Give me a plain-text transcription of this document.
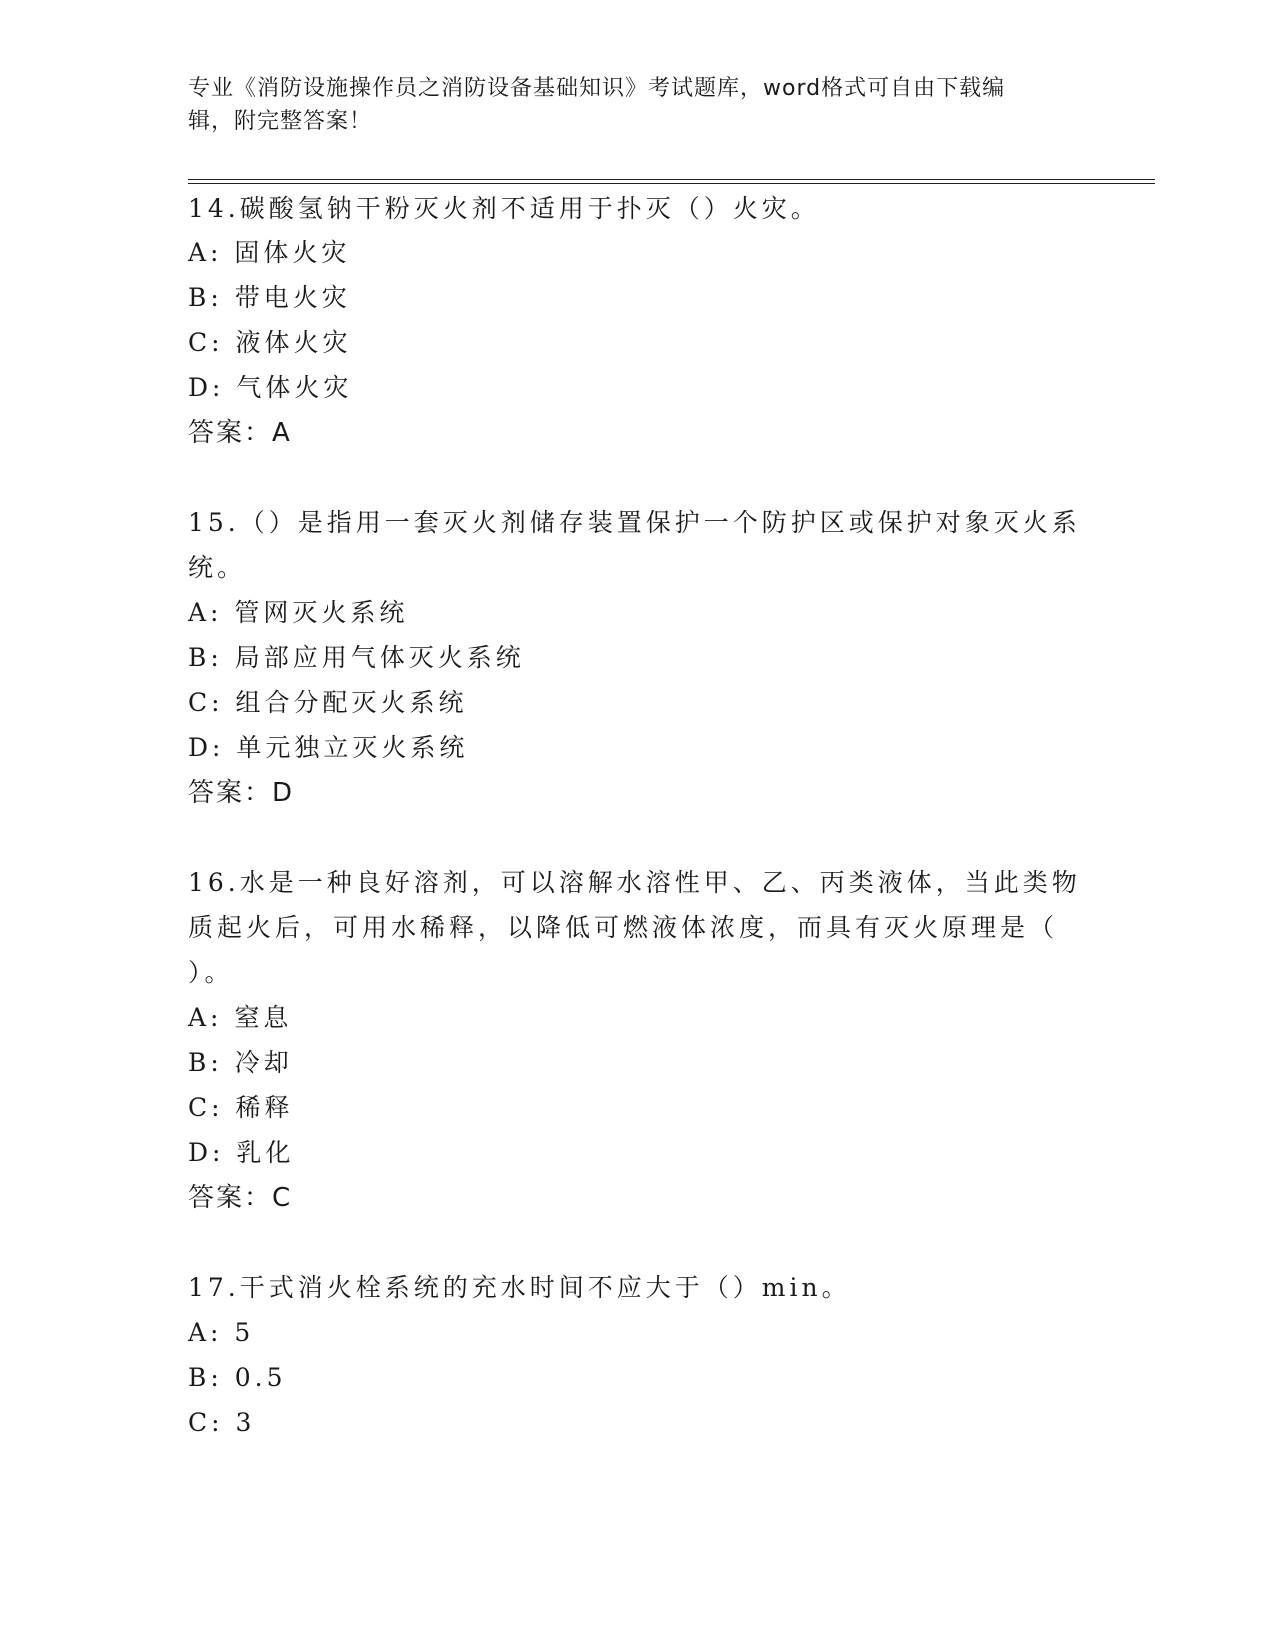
专业《消防设施操作员之消防设备基础知识》考试题库，word格式可自由下载编
辑，附完整答案！
14.碳酸氢钠干粉灭火剂不适用于扑灭（）火灾。
A: 固体火灾
B: 带电火灾
C: 液体火灾
D: 气体火灾
答案：A
15.（）是指用一套灭火剂储存装置保护一个防护区或保护对象灭火系
统。
A: 管网灭火系统
B: 局部应用气体灭火系统
C: 组合分配灭火系统
D: 单元独立灭火系统
答案：D
16.水是一种良好溶剂，可以溶解水溶性甲、乙、丙类液体，当此类物
质起火后，可用水稀释，以降低可燃液体浓度，而具有灭火原理是（
）。
A: 窒息
B: 冷却
C: 稀释
D: 乳化
答案：C
17.干式消火栓系统的充水时间不应大于（）min。
A: 5
B: 0.5
C: 3
